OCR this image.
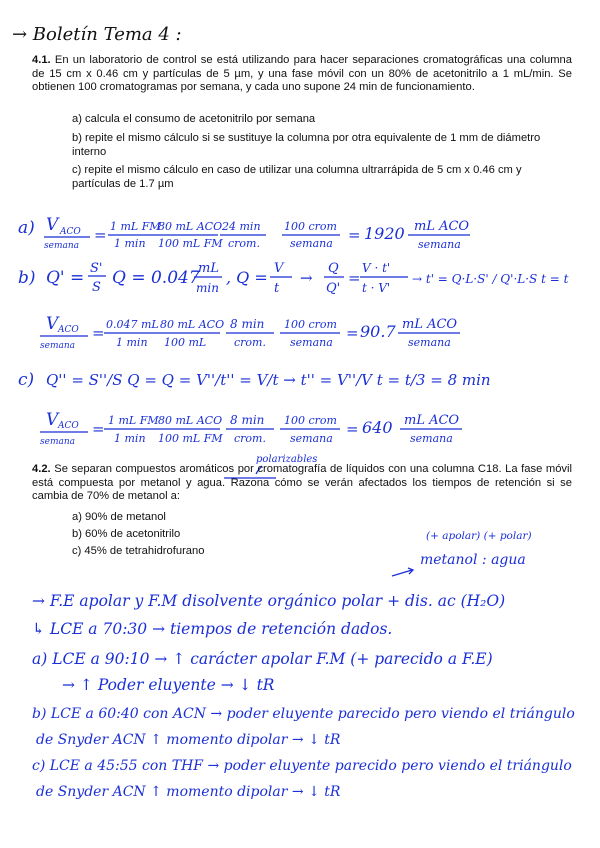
→ Boletín Tema 4 :
4.1. En un laboratorio de control se está utilizando para hacer separaciones cromatográficas una columna de 15 cm x 0.46 cm y partículas de 5 µm, y una fase móvil con un 80% de acetonitrilo a 1 mL/min. Se obtienen 100 cromatogramas por semana, y cada uno supone 24 min de funcionamiento.
a) calcula el consumo de acetonitrilo por semana
b) repite el mismo cálculo si se sustituye la columna por otra equivalente de 1 mm de diámetro interno
c) repite el mismo cálculo en caso de utilizar una columna ultrarrápida de 5 cm x 0.46 cm y partículas de 1.7 µm
a) V ACO
semana
= 1 mL FM
1 min
80 mL ACO
100 mL FM
24 min
crom.
100 crom
semana = 1920 mL ACO
semana
b) Q' = S'
S Q = 0.047
mL
min
, Q = V
t
→
Q
Q'
=
V · t'
t · V'
→ t' = Q·L·S' / Q'·L·S t = t
V ACO
semana
= 0.047 mL
1 min
80 mL ACO
100 mL
8 min
crom.
100 crom
semana
= 90.7 mL ACO
semana
c) Q'' = S''/S Q = Q = V''/t'' = V/t → t'' = V''/V t = t/3 = 8 min
V ACO
semana
= 1 mL FM
1 min
80 mL ACO
100 mL FM
8 min
crom.
100 crom
semana
= 640 mL ACO
semana
polarizables
4.2. Se separan compuestos aromáticos por cromatografía de líquidos con una columna C18. La fase móvil está compuesta por metanol y agua. Razona cómo se verán afectados los tiempos de retención si se cambia de 70% de metanol a:
a) 90% de metanol
b) 60% de acetonitrilo
c) 45% de tetrahidrofurano
(+ apolar) (+ polar)
metanol : agua
→ F.E apolar y F.M disolvente orgánico polar + dis. ac (H₂O)
↳ LCE a 70:30 → tiempos de retención dados.
a) LCE a 90:10 → ↑ carácter apolar F.M (+ parecido a F.E)
→ ↑ Poder eluyente → ↓ tR
b) LCE a 60:40 con ACN → poder eluyente parecido pero viendo el triángulo
de Snyder ACN ↑ momento dipolar → ↓ tR
c) LCE a 45:55 con THF → poder eluyente parecido pero viendo el triángulo
de Snyder ACN ↑ momento dipolar → ↓ tR
